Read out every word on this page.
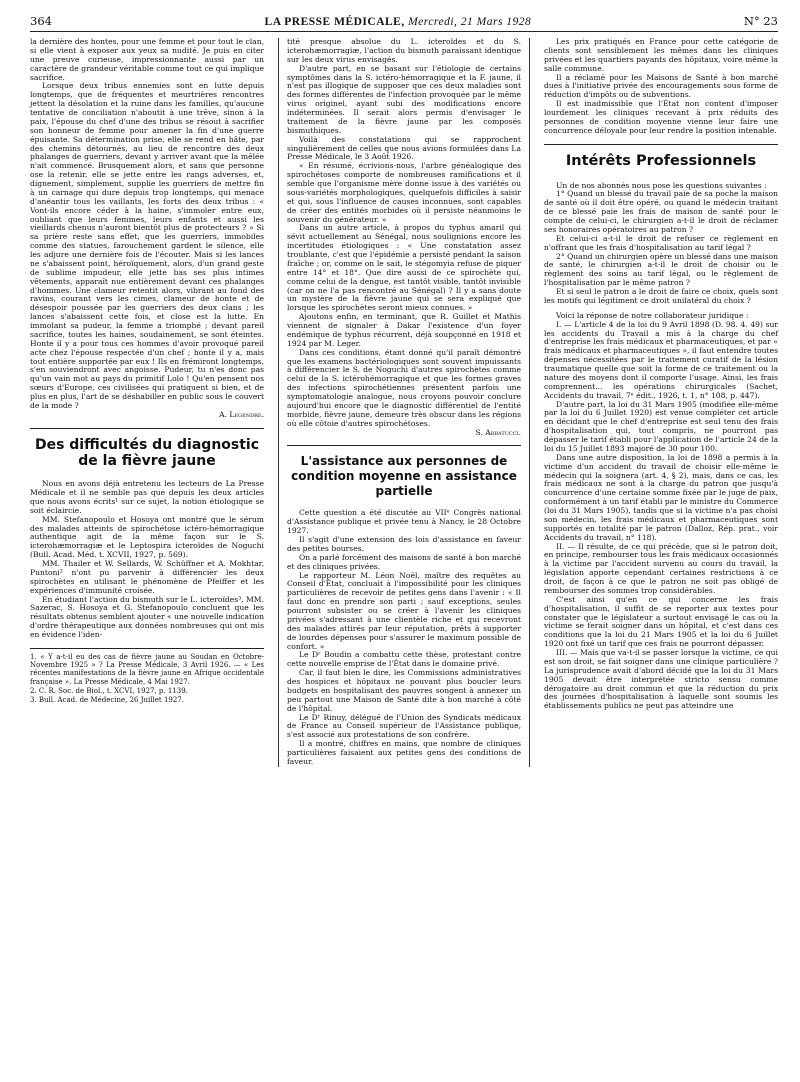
364	LA PRESSE MÉDICALE, Mercredi, 21 Mars 1928	N° 23

la dernière des hontes, pour une femme et pour tout le clan, si elle vient à exposer aux yeux sa nudité. Je puis en citer une preuve curieuse, impressionnante aussi par un caractère de grandeur véritable comme tout ce qui implique sacrifice.

Lorsque deux tribus ennemies sont en lutte depuis longtemps, que de fréquentes et meurtrières rencontres jettent la désolation et la ruine dans les familles, qu'aucune tentative de conciliation n'aboutit à une trêve, sinon à la paix, l'épouse du chef d'une des tribus se résout à sacrifier son honneur de femme pour amener la fin d'une guerre épuisante. Sa détermination prise, elle se rend en hâte, par des chemins détournés, au lieu de rencontre des deux phalanges de guerriers, devant y arriver avant que la mêlée n'ait commencé. Brusquement alors, et sans que personne ose la retenir, elle se jette entre les rangs adverses, et, dignement, simplement, supplie les guerriers de mettre fin à un carnage qui dure depuis trop longtemps, qui menace d'anéantir tous les vaillants, les forts des deux tribus : « Vont-ils encore céder à la haine, s'immoler entre eux, oubliant que leurs femmes, leurs enfants et aussi les vieillards chenus n'auront bientôt plus de protecteurs ? » Si sa prière reste sans effet, que les guerriers, immobiles comme des statues, farouchement gardent le silence, elle les adjure une dernière fois de l'écouter. Mais si les lances ne s'abaissent point, héroïquement, alors, d'un grand geste de sublime impudeur, elle jette bas ses plus intimes vêtements, apparaît nue entièrement devant ces phalanges d'hommes. Une clameur retentit alors, vibrant au fond des ravins, courant vers les cimes, clameur de honte et de désespoir poussée par les guerriers des deux clans ; les lances s'abaissent cette fois, et close est la lutte. En immolant sa pudeur, la femme a triomphé ; devant pareil sacrifice, toutes les haines, soudainement, se sont éteintes. Honte il y a pour tous ces hommes d'avoir provoqué pareil acte chez l'épouse respectée d'un chef ; honte il y a, mais tout entière supportée par eux ! Ils en frémiront longtemps, s'en souviendront avec angoisse. Pudeur, tu n'es donc pas qu'un vain mot au pays du primitif Lolo ! Qu'en pensent nos sœurs d'Europe, ces civilisées qui pratiquent si bien, et de plus en plus, l'art de se déshabiller en public sous le couvert de la mode ?

A. Legendre.

Des difficultés du diagnostic de la fièvre jaune

Nous en avons déjà entretenu les lecteurs de La Presse Médicale et il ne semble pas que depuis les deux articles que nous avons écrits¹ sur ce sujet, la notion étiologique se soit éclaircie.

MM. Stefanopoulo et Hosoya ont montré que le sérum des malades atteints de spirochétose ictéro-hémorragique authentique agit de la même façon sur le S. icterohæmorragiæ et le Leptospira icteroïdes de Noguchi (Bull. Acad. Méd. t. XCVII, 1927, p. 569).

MM. Thailer et W. Sellards, W. Schüffner et A. Mokhtar, Puntoni² n'ont pu parvenir à différencier les deux spirochètes en utilisant le phénomène de Pfeiffer et les expériences d'immunité croisée.

En étudiant l'action du bismuth sur le L. icteroïdes³, MM. Sazerac, S. Hosoya et G. Stefanopoulo concluent que les résultats obtenus semblent ajouter « une nouvelle indication d'ordre thérapeutique aux données nombreuses qui ont mis en évidence l'iden-

1. « Y a-t-il eu des cas de fièvre jaune au Soudan en Octobre-Novembre 1925 » ? La Presse Médicale, 3 Avril 1926. — « Les récentes manifestations de la fièvre jaune en Afrique occidentale française ». La Presse Médicale, 4 Mai 1927.

2. C. R. Soc. de Biol., t. XCVI, 1927, p. 1139.

3. Bull. Acad. de Médecine, 26 Juillet 1927.

tité presque absolue du L. icteroïdes et du S. icterohæmorragiæ, l'action du bismuth paraissant identique sur les deux virus envisagés.

D'autre part, en se basant sur l'étiologie de certains symptômes dans la S. ictéro-hémorragique et la F. jaune, il n'est pas illogique de supposer que ces deux maladies sont des formes différentes de l'infection provoquée par le même virus originel, ayant subi des modifications encore indéterminées. Il serait alors permis d'envisager le traitement de la fièvre jaune par les composés bismuthiques.

Voilà des constatations qui se rapprochent singulièrement de celles que nous avions formulées dans La Presse Médicale, le 3 Août 1926.

« En résumé, écrivions-nous, l'arbre généalogique des spirochétoses comporte de nombreuses ramifications et il semble que l'organisme mère donne issue à des variétés ou sous-variétés morphologiques, quelquefois difficiles à saisir et qui, sous l'influence de causes inconnues, sont capables de créer des entités morbides où il persiste néanmoins le souvenir du générateur. »

Dans un autre article, à propos du typhus amaril qui sévit actuellement au Sénégal, nous soulignions encore les incertitudes étiologiques : « Une constatation assez troublante, c'est que l'épidémie a persisté pendant la saison fraîche ; or, comme on le sait, le stégomyia refuse de piquer entre 14° et 18°. Que dire aussi de ce spirochète qui, comme celui de la dengue, est tantôt visible, tantôt invisible (car on ne l'a pas rencontré au Sénégal) ? Il y a sans doute un mystère de la fièvre jaune qui se sera expliqué que lorsque les spirochètes seront mieux connues. »

Ajoutons enfin, en terminant, que R. Guillet et Mathis viennent de signaler à Dakar l'existence d'un foyer endémique de typhus récurrent, déjà soupçonné en 1918 et 1924 par M. Leger.

Dans ces conditions, étant donné qu'il paraît démontré que les examens bactériologiques sont souvent impuissants à différencier le S. de Noguchi d'autres spirochètes comme celui de la S. ictérohémorragique et que les formes graves des infections spirochétiennes présentent parfois une symptomatologie analogue, nous croyons pouvoir conclure aujourd'hui encore que le diagnostic différentiel de l'entité morbide, fièvre jaune, demeure très obscur dans les régions où elle côtoie d'autres spirochétoses.

S. Abbatucci.

L'assistance aux personnes de condition moyenne en assistance partielle

Cette question a été discutée au VIIᵉ Congrès national d'Assistance publique et privée tenu à Nancy, le 28 Octobre 1927.

Il s'agit d'une extension des lois d'assistance en faveur des petites bourses.

On a parlé forcément des maisons de santé à bon marché et des cliniques privées.

Le rapporteur M. Léon Noël, maître des requêtes au Conseil d'État, concluait à l'impossibilité pour les cliniques particulières de recevoir de petites gens dans l'avenir : « Il faut donc en prendre son parti ; sauf exceptions, seules pourront subsister ou se créer à l'avenir les cliniques privées s'adressant à une clientèle riche et qui recevront des malades attirés par leur réputation, prêts à supporter de lourdes dépenses pour s'assurer le maximum possible de confort. »

Le Dʳ Boudin a combattu cette thèse, protestant contre cette nouvelle emprise de l'État dans le domaine privé.

Car, il faut bien le dire, les Commissions administratives des hospices et hôpitaux ne pouvant plus boucler leurs budgets en hospitalisant des pauvres songent à annexer un peu partout une Maison de Santé dite à bon marché à côté de l'hôpital.

Le Dʳ Rinuy, délégué de l'Union des Syndicats médicaux de France au Conseil supérieur de l'Assistance publique, s'est associé aux protestations de son confrère.

Il a montré, chiffres en mains, que nombre de cliniques particulières faisaient aux petites gens des conditions de faveur.

Les prix pratiqués en France pour cette catégorie de clients sont sensiblement les mêmes dans les cliniques privées et les quartiers payants des hôpitaux, voire même la salle commune.

Il a réclamé pour les Maisons de Santé à bon marché dues à l'initiative privée des encouragements sous forme de réduction d'impôts ou de subventions.

Il est inadmissible que l'État non content d'imposer lourdement les cliniques recevant à prix réduits des personnes de condition moyenne vienne leur faire une concurrence déloyale pour leur rendre la position intenable.

Intérêts Professionnels

Un de nos abonnés nous pose les questions suivantes :

1° Quand un blessé du travail paie de sa poche la maison de santé où il doit être opéré, ou quand le médecin traitant de ce blessé paie les frais de maison de santé pour le compte de celui-ci, le chirurgien a-t-il le droit de réclamer ses honoraires opératoires au patron ?

Et celui-ci a-t-il le droit de refuser ce règlement en n'offrant que les frais d'hospitalisation au tarif légal ?

2° Quand un chirurgien opère un blessé dans une maison de santé, le chirurgien a-t-il le droit de choisir ou le règlement des soins au tarif légal, ou le règlement de l'hospitalisation par le même patron ?

Et si seul le patron a le droit de faire ce choix, quels sont les motifs qui légitiment ce droit unilatéral du choix ?

Voici la réponse de notre collaborateur juridique :

I. — L'article 4 de la loi du 9 Avril 1898 (D. 98. 4. 49) sur les accidents du Travail a mis à la charge du chef d'entreprise les frais médicaux et pharmaceutiques, et par « frais médicaux et pharmaceutiques », il faut entendre toutes dépenses nécessitées par le traitement curatif de la lésion traumatique quelle que soit la forme de ce traitement ou la nature des moyens dont il comporte l'usage. Ainsi, les frais comprennent... les opérations chirurgicales (Sachet, Accidents du travail, 7ᵉ édit., 1926, t. 1, n° 108, p. 447).

D'autre part, la loi du 31 Mars 1905 (modifiée elle-même par la loi du 6 Juillet 1920) est venue compléter cet article en décidant que le chef d'entreprise est seul tenu des frais d'hospitalisation qui, tout compris, ne pourront pas dépasser le tarif établi pour l'application de l'article 24 de la loi du 15 Juillet 1893 majoré de 30 pour 100.

Dans une autre disposition, la loi de 1898 a permis à la victime d'un accident du travail de choisir elle-même le médecin qui la soignera (art. 4, § 2), mais, dans ce cas, les frais médicaux ne sont à la charge du patron que jusqu'à concurrence d'une certaine somme fixée par le juge de paix, conformément à un tarif établi par le ministre du Commerce (loi du 31 Mars 1905), tandis que si la victime n'a pas choisi son médecin, les frais médicaux et pharmaceutiques sont supportés en totalité par le patron (Dalloz, Rép. prat., voir Accidents du travail, n° 118).

II. — Il résulte, de ce qui précède, que si le patron doit, en principe, rembourser tous les frais médicaux occasionnés à la victime par l'accident survenu au cours du travail, la législation apporte cependant certaines restrictions à ce droit, de façon à ce que le patron ne soit pas obligé de rembourser des sommes trop considérables.

C'est ainsi qu'en ce qui concerne les frais d'hospitalisation, il suffit de se reporter aux textes pour constater que le législateur a surtout envisagé le cas où la victime se ferait soigner dans un hôpital, et c'est dans ces conditions que la loi du 21 Mars 1905 et la loi du 6 Juillet 1920 ont fixé un tarif que ces frais ne pourront dépasser.

III. — Mais que va-t-il se passer lorsque la victime, ce qui est son droit, se fait soigner dans une clinique particulière ? La jurisprudence avait d'abord décidé que la loi du 31 Mars 1905 devait être interprétée stricto sensu comme dérogatoire au droit commun et que la réduction du prix des journées d'hospitalisation à laquelle sont soumis les établissements publics ne peut pas atteindre une
